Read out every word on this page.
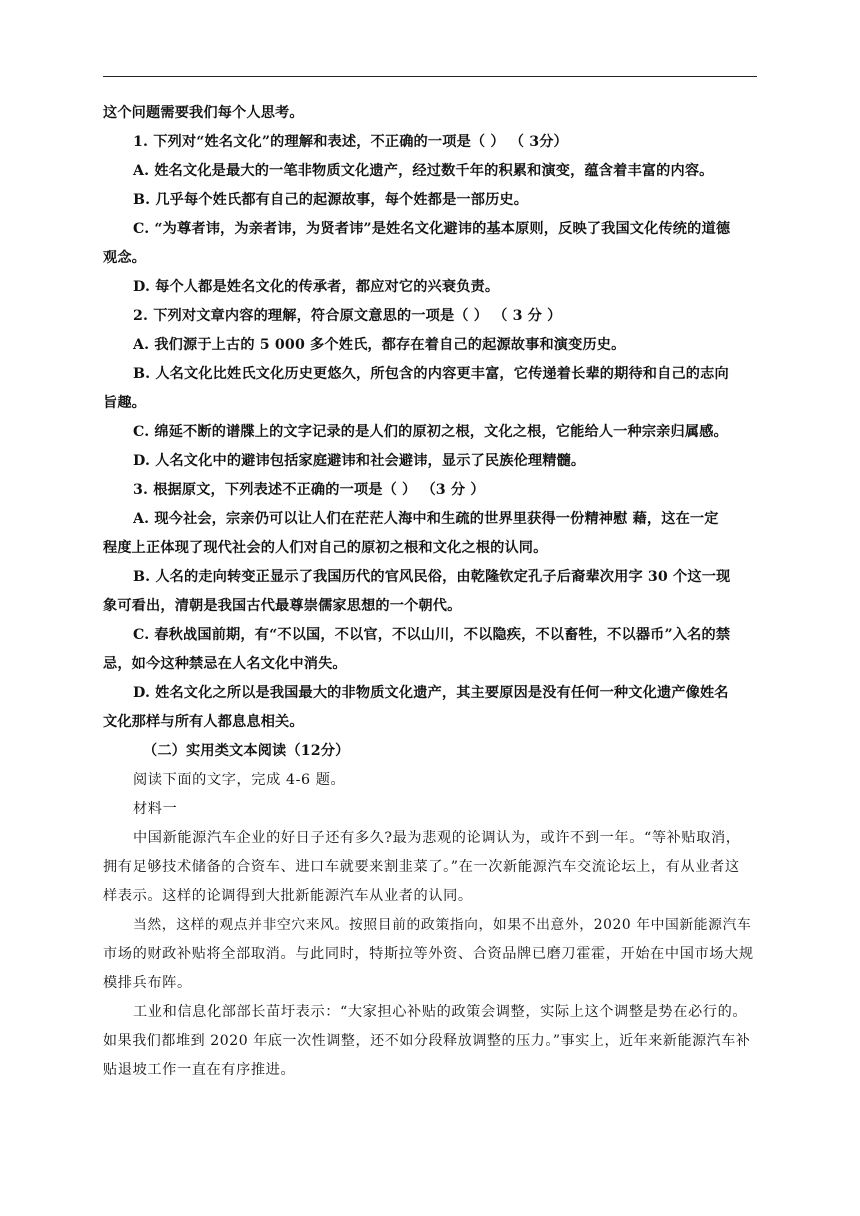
这个问题需要我们每个人思考。
1. 下列对“姓名文化”的理解和表述，不正确的一项是（ ） （ 3分）
A. 姓名文化是最大的一笔非物质文化遗产，经过数千年的积累和演变，蕴含着丰富的内容。
B. 几乎每个姓氏都有自己的起源故事，每个姓都是一部历史。
C. “为尊者讳，为亲者讳，为贤者讳”是姓名文化避讳的基本原则，反映了我国文化传统的道德
观念。
D. 每个人都是姓名文化的传承者，都应对它的兴衰负责。
2. 下列对文章内容的理解，符合原文意思的一项是（ ） （ 3 分 ）
A. 我们源于上古的 5 000 多个姓氏，都存在着自己的起源故事和演变历史。
B. 人名文化比姓氏文化历史更悠久，所包含的内容更丰富，它传递着长辈的期待和自己的志向
旨趣。
C. 绵延不断的谱牒上的文字记录的是人们的原初之根，文化之根，它能给人一种宗亲归属感。
D. 人名文化中的避讳包括家庭避讳和社会避讳，显示了民族伦理精髓。
3. 根据原文，下列表述不正确的一项是（ ） （3 分 ）
A. 现今社会，宗亲仍可以让人们在茫茫人海中和生疏的世界里获得一份精神慰 藉，这在一定
程度上正体现了现代社会的人们对自己的原初之根和文化之根的认同。
B. 人名的走向转变正显示了我国历代的官风民俗，由乾隆钦定孔子后裔辈次用字 30 个这一现
象可看出，清朝是我国古代最尊崇儒家思想的一个朝代。
C. 春秋战国前期，有“不以国，不以官，不以山川，不以隐疾，不以畜牲，不以器币”入名的禁
忌，如今这种禁忌在人名文化中消失。
D. 姓名文化之所以是我国最大的非物质文化遗产，其主要原因是没有任何一种文化遗产像姓名
文化那样与所有人都息息相关。
（二）实用类文本阅读（12分）
阅读下面的文字，完成 4-6 题。
材料一
中国新能源汽车企业的好日子还有多久?最为悲观的论调认为，或许不到一年。“等补贴取消，
拥有足够技术储备的合资车、进口车就要来割韭菜了。”在一次新能源汽车交流论坛上，有从业者这
样表示。这样的论调得到大批新能源汽车从业者的认同。
当然，这样的观点并非空穴来风。按照目前的政策指向，如果不出意外，2020 年中国新能源汽车
市场的财政补贴将全部取消。与此同时，特斯拉等外资、合资品牌已磨刀霍霍，开始在中国市场大规
模排兵布阵。
工业和信息化部部长苗圩表示：“大家担心补贴的政策会调整，实际上这个调整是势在必行的。
如果我们都堆到 2020 年底一次性调整，还不如分段释放调整的压力。”事实上，近年来新能源汽车补
贴退坡工作一直在有序推进。
